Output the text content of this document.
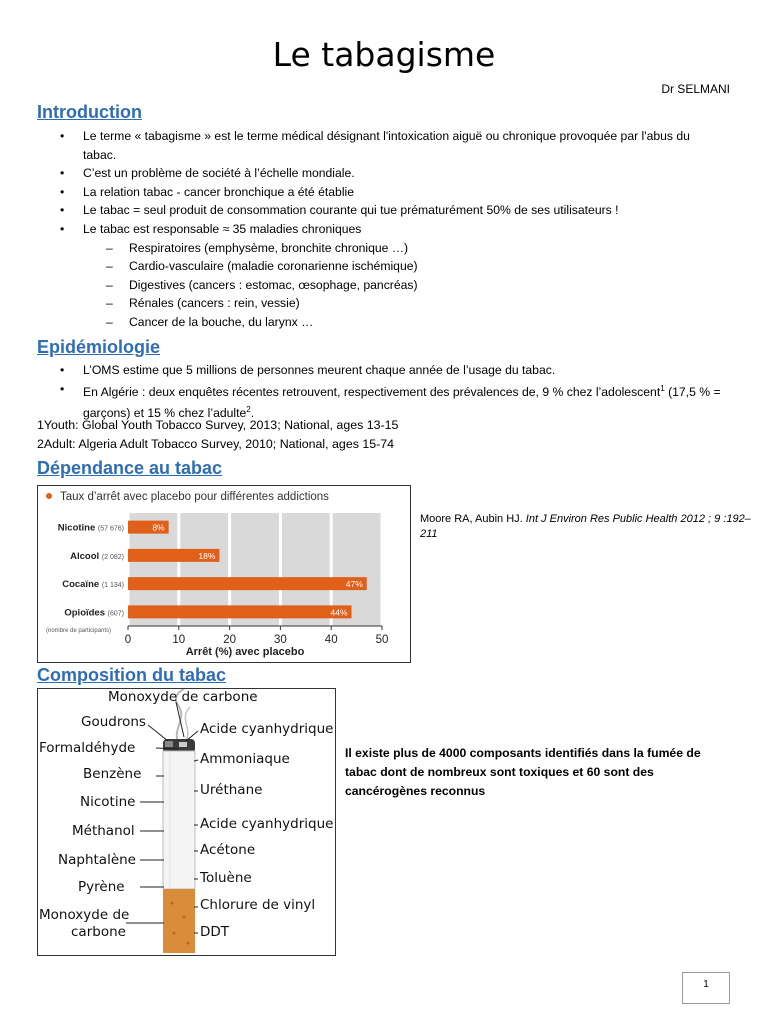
Le tabagisme
Dr SELMANI
Introduction
• Le terme « tabagisme » est le terme médical désignant l'intoxication aiguë ou chronique provoquée par l'abus du tabac.
• C’est un problème de société à l’échelle mondiale.
• La relation tabac - cancer bronchique a été établie
• Le tabac = seul produit de consommation courante qui tue prématurément 50% de ses utilisateurs !
• Le tabac est responsable ≈ 35 maladies chroniques
– Respiratoires (emphysème, bronchite chronique …)
– Cardio-vasculaire (maladie coronarienne ischémique)
– Digestives (cancers : estomac, œsophage, pancréas)
– Rénales (cancers : rein, vessie)
– Cancer de la bouche, du larynx …
Epidémiologie
• L’OMS estime que 5 millions de personnes meurent chaque année de l’usage du tabac.
• En Algérie : deux enquêtes récentes retrouvent, respectivement des prévalences de, 9 % chez l’adolescent$^1$ (17,5 % = garçons) et 15 % chez l’adulte$^2$.
1Youth: Global Youth Tobacco Survey, 2013; National, ages 13-15
2Adult: Algeria Adult Tobacco Survey, 2010; National, ages 15-74
Dépendance au tabac
Taux d’arrêt avec placebo pour différentes addictions
0	10	20	30	40	50
8%
Nicotine (57 676)
18%
Alcool (2 082)
47%
Cocaïne (1 134)
44%
Opioïdes (607)
(nombre de participants)
Arrêt (%) avec placebo
Moore RA, Aubin HJ. Int J Environ Res Public Health 2012 ; 9 :192–211
Composition du tabac
Monoxyde de carbone
Goudrons
Formaldéhyde
Benzène
Nicotine
Méthanol
Naphtalène
Pyrène
Monoxyde de
carbone
Acide cyanhydrique
Ammoniaque
Uréthane
Acide cyanhydrique
Acétone
Toluène
Chlorure de vinyl
DDT
Il existe plus de 4000 composants identifiés dans la fumée de tabac dont de nombreux sont toxiques et 60 sont des cancérogènes reconnus
1
